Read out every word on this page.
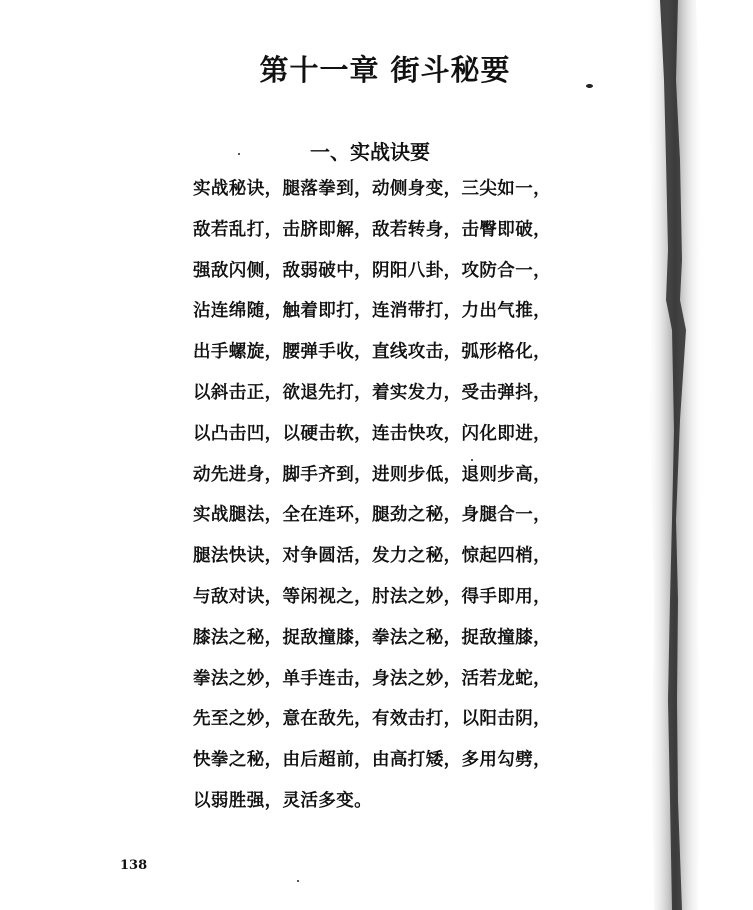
第十一章 街斗秘要
一、实战诀要
实战秘诀，腿落拳到，动侧身变，三尖如一，
敌若乱打，击脐即解，敌若转身，击臀即破，
强敌闪侧，敌弱破中，阴阳八卦，攻防合一，
沾连绵随，触着即打，连消带打，力出气推，
出手螺旋，腰弹手收，直线攻击，弧形格化，
以斜击正，欲退先打，着实发力，受击弹抖，
以凸击凹，以硬击软，连击快攻，闪化即进，
动先进身，脚手齐到，进则步低，退则步高，
实战腿法，全在连环，腿劲之秘，身腿合一，
腿法快诀，对争圆活，发力之秘，惊起四梢，
与敌对诀，等闲视之，肘法之妙，得手即用，
膝法之秘，捉敌撞膝，拳法之秘，捉敌撞膝，
拳法之妙，单手连击，身法之妙，活若龙蛇，
先至之妙，意在敌先，有效击打，以阳击阴，
快拳之秘，由后超前，由高打矮，多用勾劈，
以弱胜强，灵活多变。
138
